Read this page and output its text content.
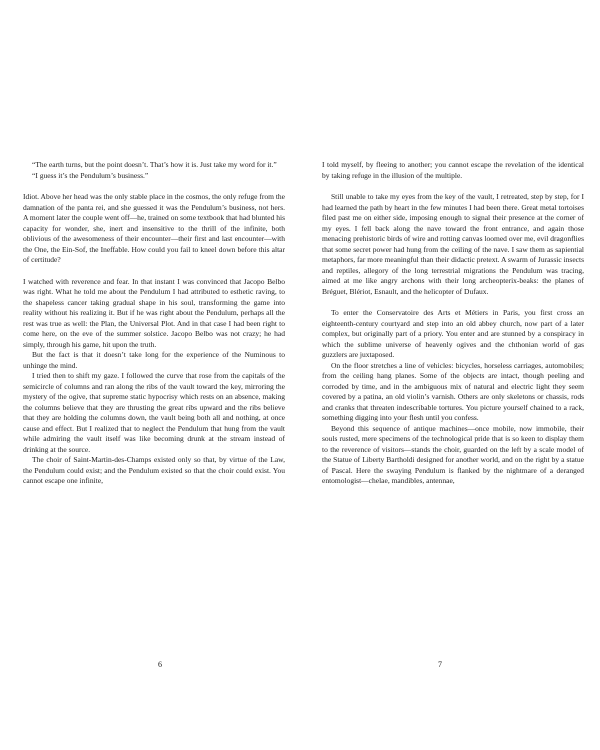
“The earth turns, but the point doesn’t. That’s how it is. Just take my word for it.”

“I guess it’s the Pendulum’s business.”

Idiot. Above her head was the only stable place in the cosmos, the only refuge from the damnation of the panta rei, and she guessed it was the Pendulum’s business, not hers. A moment later the couple went off—he, trained on some textbook that had blunted his capacity for wonder, she, inert and insensitive to the thrill of the infinite, both oblivious of the awesomeness of their encounter—their first and last encounter—with the One, the Ein-Sof, the Ineffable. How could you fail to kneel down before this altar of certitude?

I watched with reverence and fear. In that instant I was convinced that Jacopo Belbo was right. What he told me about the Pendulum I had attributed to esthetic raving, to the shapeless cancer taking gradual shape in his soul, transforming the game into reality without his realizing it. But if he was right about the Pendulum, perhaps all the rest was true as well: the Plan, the Universal Plot. And in that case I had been right to come here, on the eve of the summer solstice. Jacopo Belbo was not crazy; he had simply, through his game, hit upon the truth.

But the fact is that it doesn’t take long for the experience of the Numinous to unhinge the mind.

I tried then to shift my gaze. I followed the curve that rose from the capitals of the semicircle of columns and ran along the ribs of the vault toward the key, mirroring the mystery of the ogive, that supreme static hypocrisy which rests on an absence, making the columns believe that they are thrusting the great ribs upward and the ribs believe that they are holding the columns down, the vault being both all and nothing, at once cause and effect. But I realized that to neglect the Pendulum that hung from the vault while admiring the vault itself was like becoming drunk at the stream instead of drinking at the source.

The choir of Saint-Martin-des-Champs existed only so that, by virtue of the Law, the Pendulum could exist; and the Pendulum existed so that the choir could exist. You cannot escape one infinite,

6

I told myself, by fleeing to another; you cannot escape the revelation of the identical by taking refuge in the illusion of the multiple.

Still unable to take my eyes from the key of the vault, I retreated, step by step, for I had learned the path by heart in the few minutes I had been there. Great metal tortoises filed past me on either side, imposing enough to signal their presence at the corner of my eyes. I fell back along the nave toward the front entrance, and again those menacing prehistoric birds of wire and rotting canvas loomed over me, evil dragonflies that some secret power had hung from the ceiling of the nave. I saw them as sapiential metaphors, far more meaningful than their didactic pretext. A swarm of Jurassic insects and reptiles, allegory of the long terrestrial migrations the Pendulum was tracing, aimed at me like angry archons with their long archeopterix-beaks: the planes of Bréguet, Blériot, Esnault, and the helicopter of Dufaux.

To enter the Conservatoire des Arts et Métiers in Paris, you first cross an eighteenth-century courtyard and step into an old abbey church, now part of a later complex, but originally part of a priory. You enter and are stunned by a conspiracy in which the sublime universe of heavenly ogives and the chthonian world of gas guzzlers are juxtaposed.

On the floor stretches a line of vehicles: bicycles, horseless carriages, automobiles; from the ceiling hang planes. Some of the objects are intact, though peeling and corroded by time, and in the ambiguous mix of natural and electric light they seem covered by a patina, an old violin’s varnish. Others are only skeletons or chassis, rods and cranks that threaten indescribable tortures. You picture yourself chained to a rack, something digging into your flesh until you confess.

Beyond this sequence of antique machines—once mobile, now immobile, their souls rusted, mere specimens of the technological pride that is so keen to display them to the reverence of visitors—stands the choir, guarded on the left by a scale model of the Statue of Liberty Bartholdi designed for another world, and on the right by a statue of Pascal. Here the swaying Pendulum is flanked by the nightmare of a deranged entomologist—chelae, mandibles, antennae,

7
